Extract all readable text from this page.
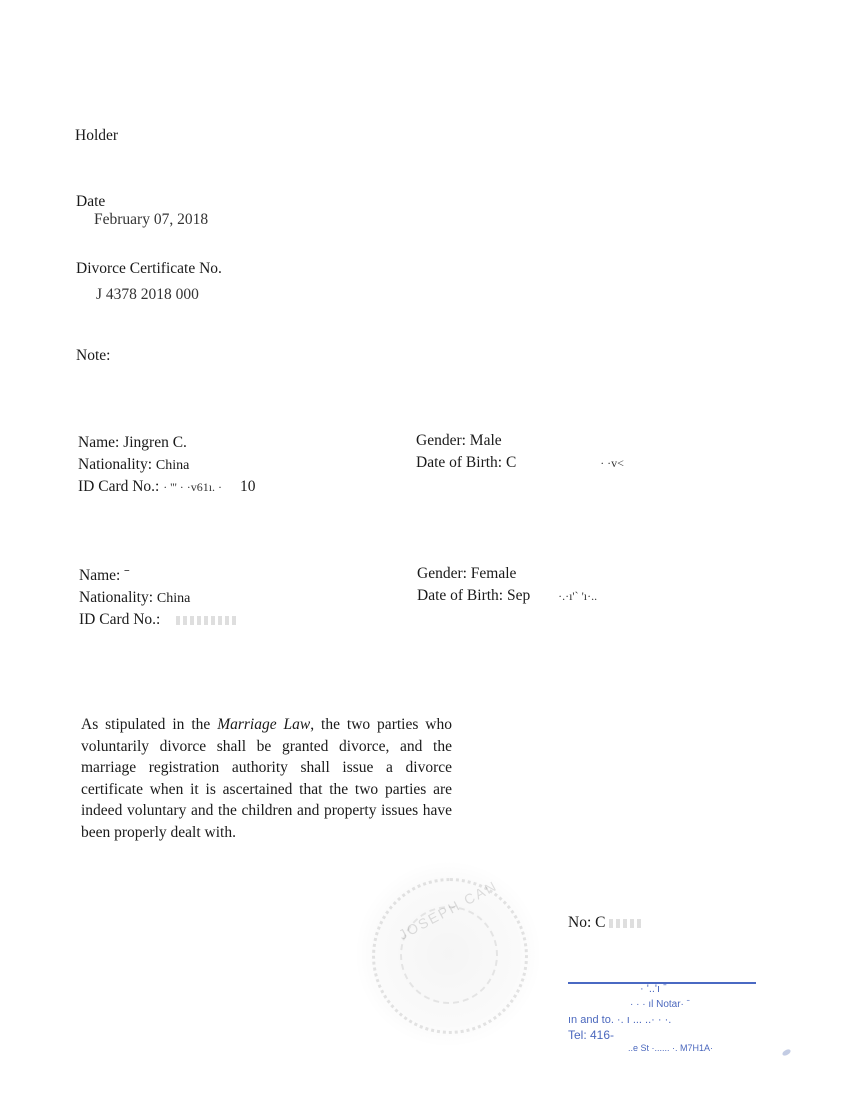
Holder
Date
February 07, 2018
Divorce Certificate No.
J 4378 2018 000
Note:
Name: Jingren C.
Nationality: China
ID Card No.: · ''' · ·v61ı. · 10
Gender: Male
Date of Birth: C	· ·v<
Name: ˉ
Nationality: China
ID Card No.:
Gender: Female
Date of Birth: Sep ·.·ı'` 'ı·..
As stipulated in the Marriage Law, the two parties who voluntarily divorce shall be granted divorce, and the marriage registration authority shall issue a divorce certificate when it is ascertained that the two parties are indeed voluntary and the children and property issues have been properly dealt with.
JOSEPH CAN	No: C
· '..'ı ˉ
· · · ıl Notar· ˉ
ın and to. ·. ı ... ..· · ·.
Tel: 416-
..e St ·...... ·. M7H1A·
